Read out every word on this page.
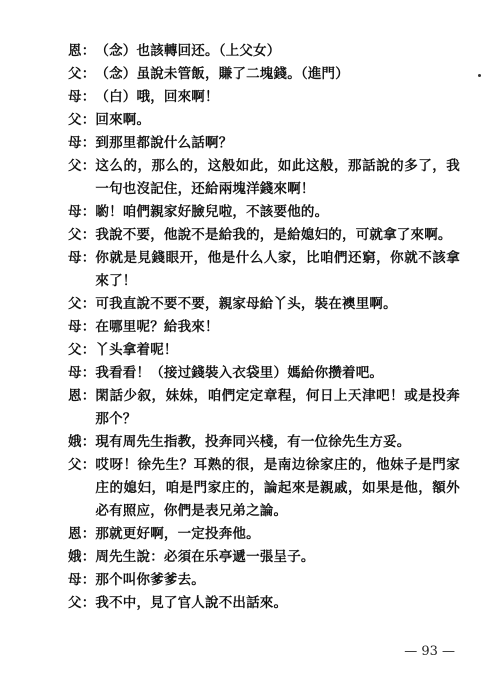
恩： （念）也該轉回还。（上父女）
父： （念）虽說未管飯，賺了二塊錢。（進門）
母： （白）哦，回來啊！
父： 回來啊。
母： 到那里都說什么話啊？
父： 这么的，那么的，这般如此，如此这般，那話說的多了，我一句也沒記住，还給兩塊洋錢來啊！
母： 喲！咱們親家好臉兒啦，不該要他的。
父： 我說不要，他說不是給我的，是給媳妇的，可就拿了來啊。
母： 你就是見錢眼开，他是什么人家，比咱們还窮，你就不該拿來了！
父： 可我直說不要不要，親家母給丫头，裝在襖里啊。
母： 在哪里呢？給我來！
父： 丫头拿着呢！
母： 我看看！（接过錢裝入衣袋里）媽給你攒着吧。
恩： 閑話少叙，妹妹，咱們定定章程，何日上天津吧！或是投奔那个？
娥： 現有周先生指教，投奔同兴棧，有一位徐先生方妥。
父： 哎呀！徐先生？耳熟的很，是南边徐家庄的，他妹子是門家庄的媳妇，咱是門家庄的，論起來是親戚，如果是他，額外必有照应，你們是表兄弟之論。
恩： 那就更好啊，一定投奔他。
娥： 周先生說：必須在乐亭遞一張呈子。
母： 那个叫你爹爹去。
父： 我不中，見了官人說不出話來。
— 93 —
